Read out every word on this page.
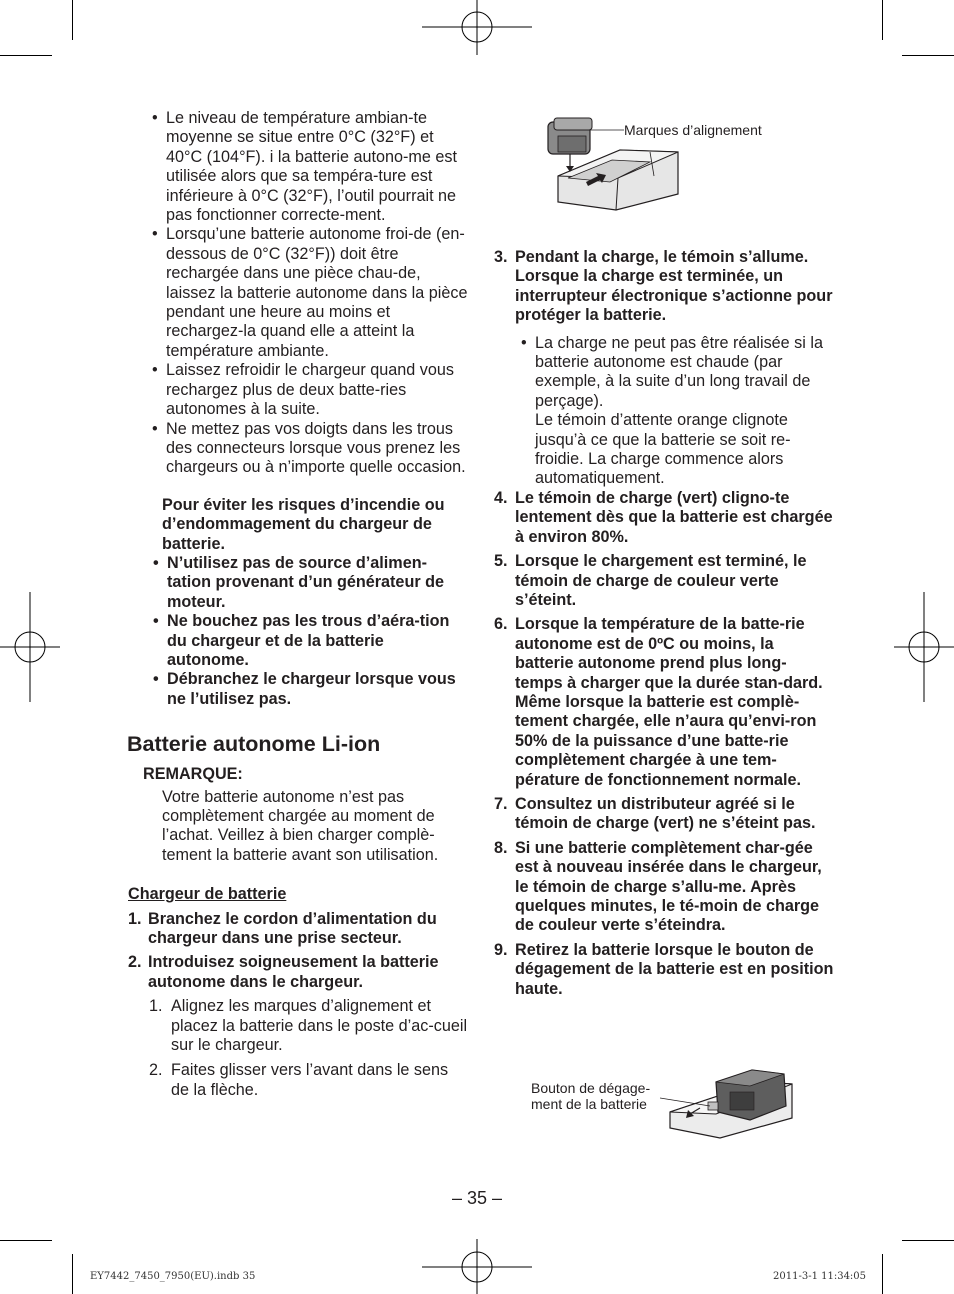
• Le niveau de température ambian-te moyenne se situe entre 0°C (32°F) et 40°C (104°F). i la batterie autono-me est utilisée alors que sa tempéra-ture est inférieure à 0°C (32°F), l’outil pourrait ne pas fonctionner correcte-ment.

• Lorsqu’une batterie autonome froi-de (en-dessous de 0°C (32°F)) doit être rechargée dans une pièce chau-de, laissez la batterie autonome dans la pièce pendant une heure au moins et rechargez-la quand elle a atteint la température ambiante.

• Laissez refroidir le chargeur quand vous rechargez plus de deux batte-ries autonomes à la suite.

• Ne mettez pas vos doigts dans les trous des connecteurs lorsque vous prenez les chargeurs ou à n’importe quelle occasion.

Pour éviter les risques d’incendie ou d’endommagement du chargeur de batterie.

• N’utilisez pas de source d’alimen-tation provenant d’un générateur de moteur.

• Ne bouchez pas les trous d’aéra-tion du chargeur et de la batterie autonome.

• Débranchez le chargeur lorsque vous ne l’utilisez pas.

Batterie autonome Li-ion
REMARQUE:
Votre batterie autonome n’est pas complètement chargée au moment de l’achat. Veillez à bien charger complè-tement la batterie avant son utilisation.
Chargeur de batterie
1. Branchez le cordon d’alimentation du chargeur dans une prise secteur.
2. Introduisez soigneusement la batterie autonome dans le chargeur.
1. Alignez les marques d’alignement et placez la batterie dans le poste d’ac-cueil sur le chargeur.
2. Faites glisser vers l’avant dans le sens de la flèche.
Marques d’alignement
3. Pendant la charge, le témoin s’allume. Lorsque la charge est terminée, un interrupteur électronique s’actionne pour protéger la batterie.

• La charge ne peut pas être réalisée si la batterie autonome est chaude (par exemple, à la suite d’un long travail de perçage).
Le témoin d’attente orange clignote jusqu’à ce que la batterie se soit re-froidie. La charge commence alors automatiquement.

4. Le témoin de charge (vert) cligno-te lentement dès que la batterie est chargée à environ 80%.
5. Lorsque le chargement est terminé, le témoin de charge de couleur verte s’éteint.
6. Lorsque la température de la batte-rie autonome est de 0ºC ou moins, la batterie autonome prend plus long-temps à charger que la durée stan-dard.
Même lorsque la batterie est complè-tement chargée, elle n’aura qu’envi-ron 50% de la puissance d’une batte-rie complètement chargée à une tem-pérature de fonctionnement normale.
7. Consultez un distributeur agréé si le témoin de charge (vert) ne s’éteint pas.
8. Si une batterie complètement char-gée est à nouveau insérée dans le chargeur, le témoin de charge s’allu-me. Après quelques minutes, le té-moin de charge de couleur verte s’éteindra.
9. Retirez la batterie lorsque le bouton de dégagement de la batterie est en position haute.
Bouton de dégage-ment de la batterie
– 35 –
EY7442_7450_7950(EU).indb 35	2011-3-1 11:34:05
